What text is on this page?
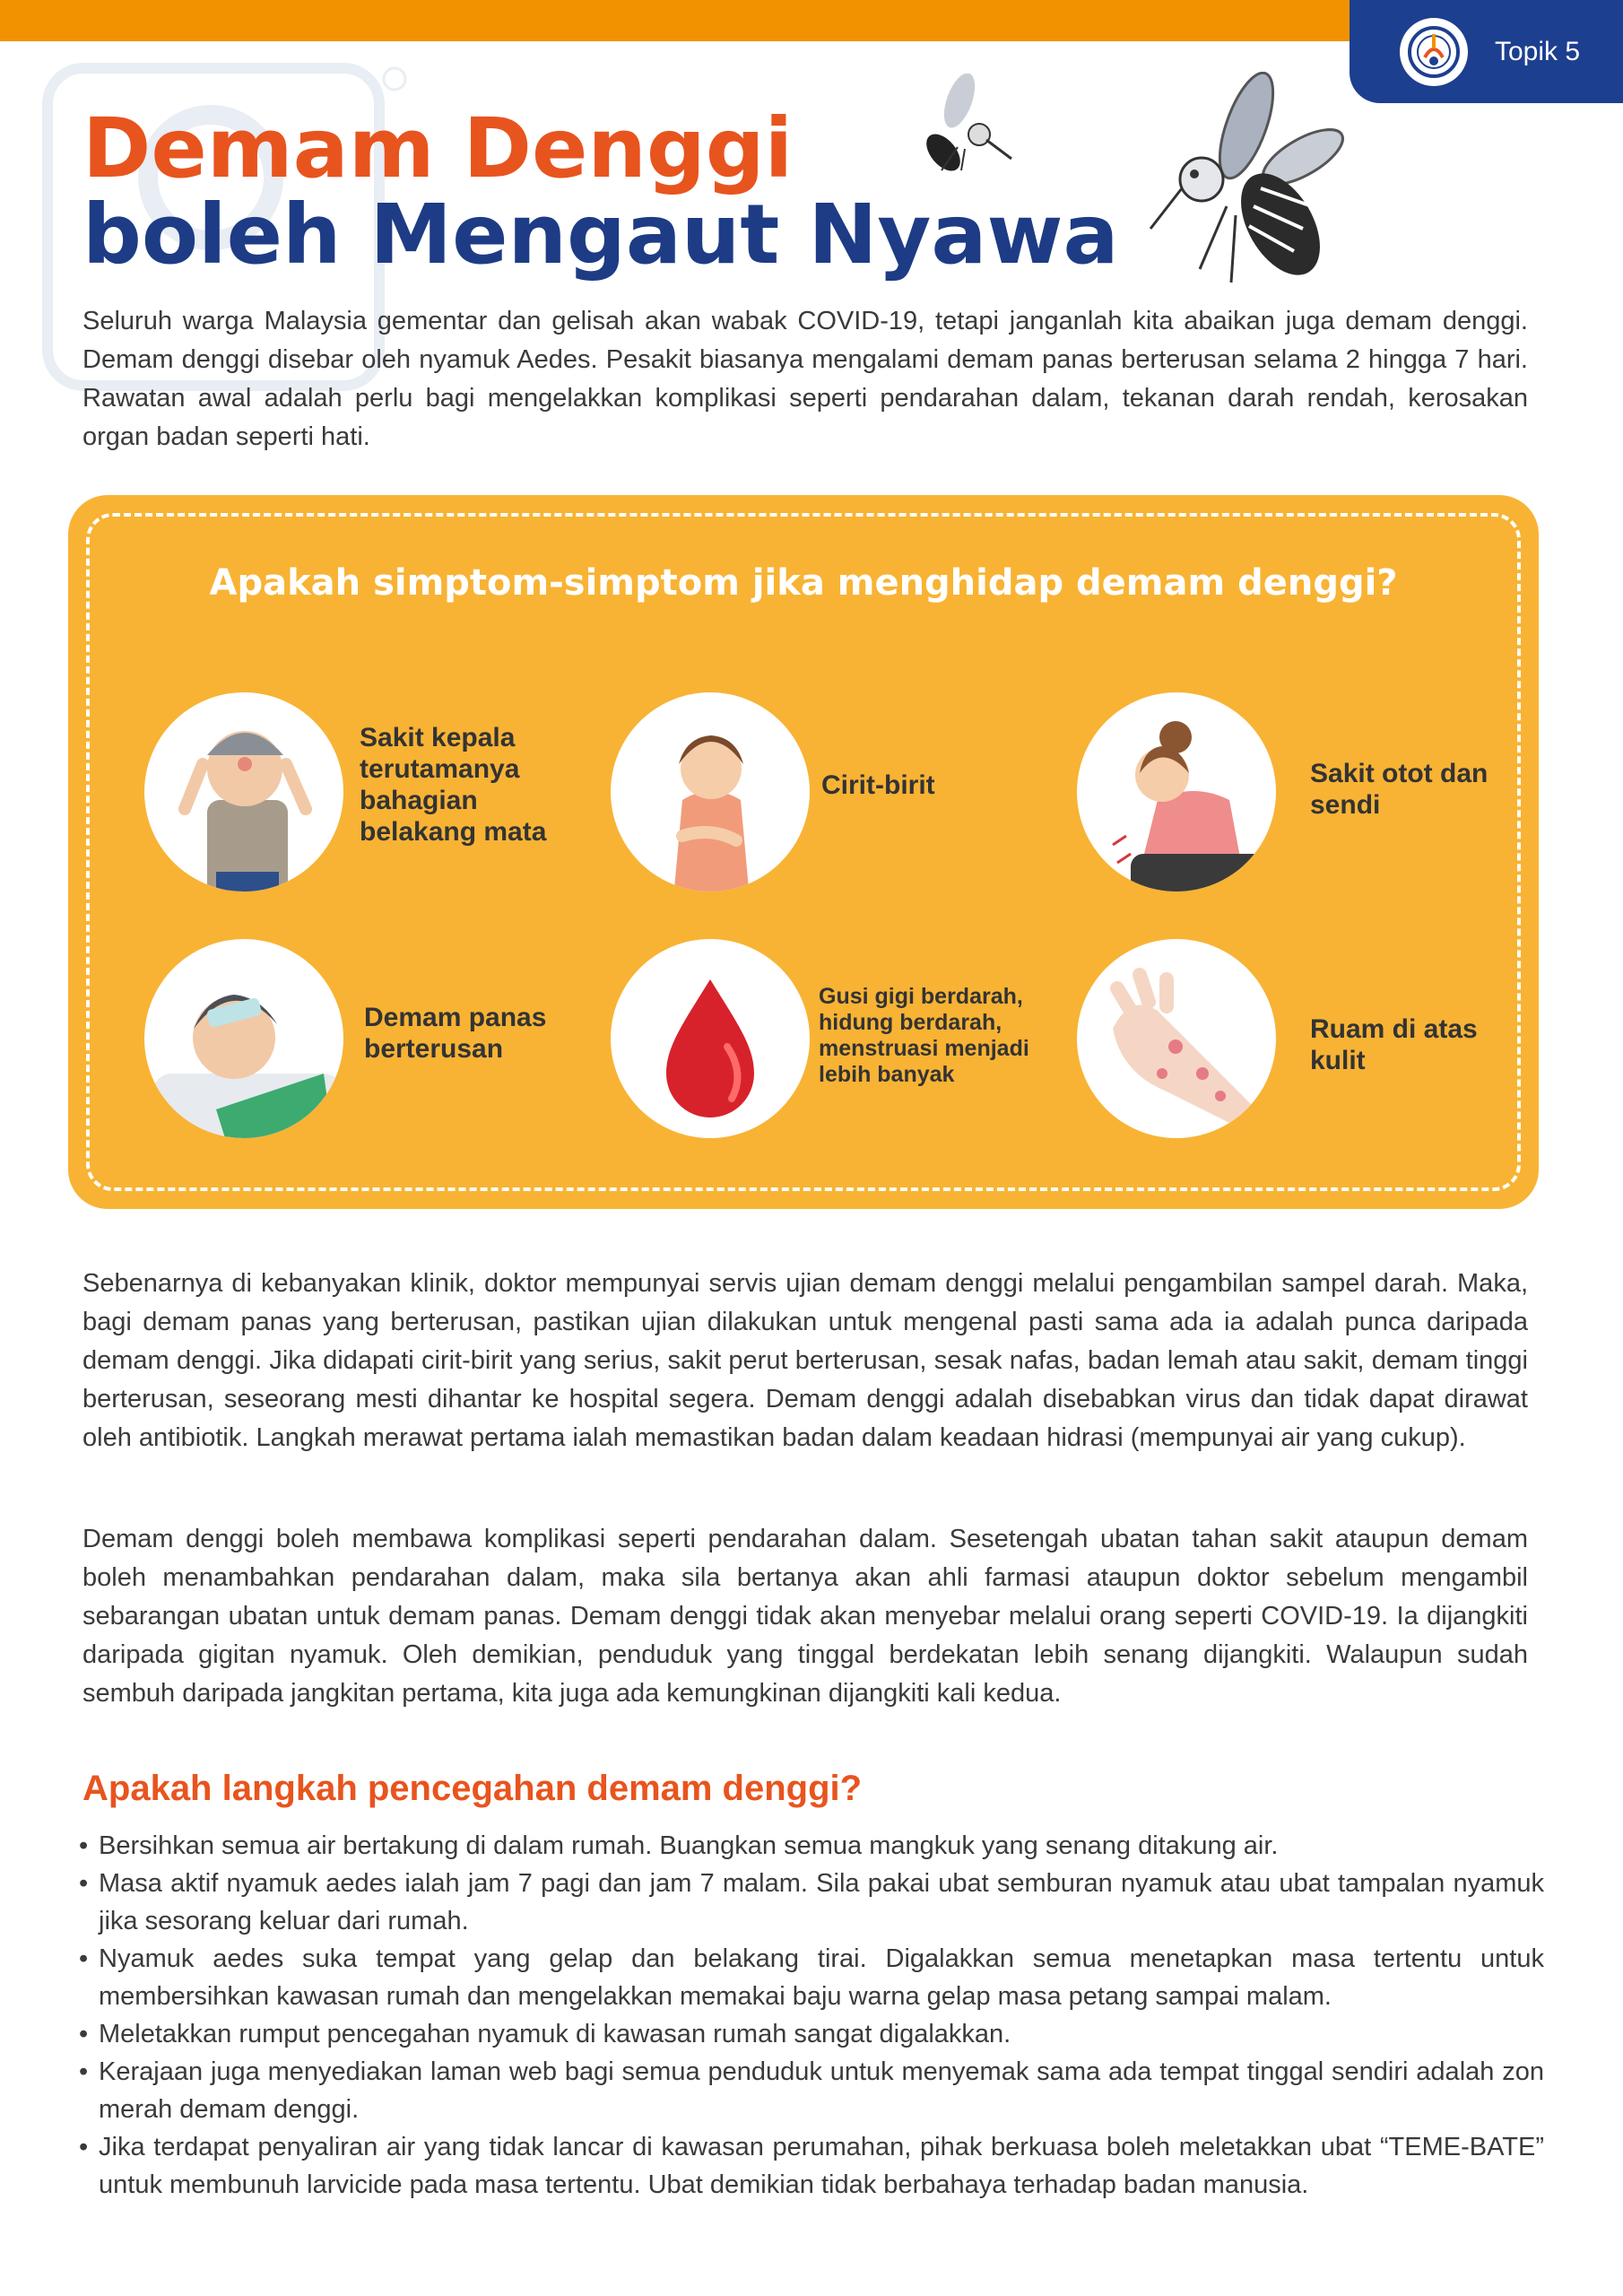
Topik 5
Demam Denggi
boleh Mengaut Nyawa
Seluruh warga Malaysia gementar dan gelisah akan wabak COVID-19, tetapi janganlah kita abaikan juga demam denggi. Demam denggi disebar oleh nyamuk Aedes. Pesakit biasanya mengalami demam panas berterusan selama 2 hingga 7 hari. Rawatan awal adalah perlu bagi mengelakkan komplikasi seperti pendarahan dalam, tekanan darah rendah, kerosakan organ badan seperti hati.
Apakah simptom-simptom jika menghidap demam denggi?
Sakit kepala terutamanya bahagian belakang mata
Cirit-birit	Sakit otot dan sendi
Demam panas berterusan
Gusi gigi berdarah, hidung berdarah, menstruasi menjadi lebih banyak
Ruam di atas kulit
Sebenarnya di kebanyakan klinik, doktor mempunyai servis ujian demam denggi melalui pengambilan sampel darah. Maka, bagi demam panas yang berterusan, pastikan ujian dilakukan untuk mengenal pasti sama ada ia adalah punca daripada demam denggi. Jika didapati cirit-birit yang serius, sakit perut berterusan, sesak nafas, badan lemah atau sakit, demam tinggi berterusan, seseorang mesti dihantar ke hospital segera. Demam denggi adalah disebabkan virus dan tidak dapat dirawat oleh antibiotik. Langkah merawat pertama ialah memastikan badan dalam keadaan hidrasi (mempunyai air yang cukup).
Demam denggi boleh membawa komplikasi seperti pendarahan dalam. Sesetengah ubatan tahan sakit ataupun demam boleh menambahkan pendarahan dalam, maka sila bertanya akan ahli farmasi ataupun doktor sebelum mengambil sebarangan ubatan untuk demam panas. Demam denggi tidak akan menyebar melalui orang seperti COVID-19. Ia dijangkiti daripada gigitan nyamuk. Oleh demikian, penduduk yang tinggal berdekatan lebih senang dijangkiti. Walaupun sudah sembuh daripada jangkitan pertama, kita juga ada kemungkinan dijangkiti kali kedua.
Apakah langkah pencegahan demam denggi?
• Bersihkan semua air bertakung di dalam rumah. Buangkan semua mangkuk yang senang ditakung air.
• Masa aktif nyamuk aedes ialah jam 7 pagi dan jam 7 malam. Sila pakai ubat semburan nyamuk atau ubat tampalan nyamuk jika sesorang keluar dari rumah.
• Nyamuk aedes suka tempat yang gelap dan belakang tirai. Digalakkan semua menetapkan masa tertentu untuk membersihkan kawasan rumah dan mengelakkan memakai baju warna gelap masa petang sampai malam.
• Meletakkan rumput pencegahan nyamuk di kawasan rumah sangat digalakkan.
• Kerajaan juga menyediakan laman web bagi semua penduduk untuk menyemak sama ada tempat tinggal sendiri adalah zon merah demam denggi.
• Jika terdapat penyaliran air yang tidak lancar di kawasan perumahan, pihak berkuasa boleh meletakkan ubat “TEME-BATE” untuk membunuh larvicide pada masa tertentu. Ubat demikian tidak berbahaya terhadap badan manusia.
